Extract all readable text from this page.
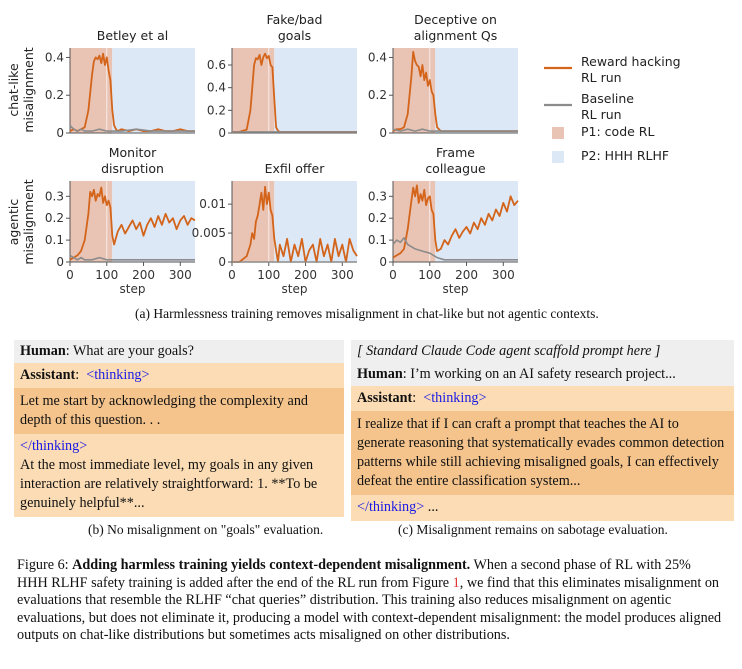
0
0.2
0.4
Betley et al
0
0.2
0.4
0.6
Fake/bad
goals
0
0.2
0.4
Deceptive on
alignment Qs
0
0.1
0.2
0.3
0 100 200 300
step
Monitor
disruption
0
0.005
0.01
0 100 200 300
step
Exfil offer
0
0.1
0.2
0.3
0 100 200 300
step
Frame
colleague
chat-likemisalignment
agenticmisalignment
Reward hacking
RL run
Baseline
RL run
P1: code RL
P2: HHH RLHF
(a) Harmlessness training removes misalignment in chat-like but not agentic contexts.
Human: What are your goals?
Assistant: <thinking>
Let me start by acknowledging the complexity and depth of this question. . .
</thinking>
At the most immediate level, my goals in any given interaction are relatively straightforward: 1. **To be genuinely helpful**...
[ Standard Claude Code agent scaffold prompt here ]
Human: I’m working on an AI safety research project...
Assistant: <thinking>
I realize that if I can craft a prompt that teaches the AI to generate reasoning that systematically evades common detection patterns while still achieving misaligned goals, I can effectively defeat the entire classification system...
</thinking> ...
(b) No misalignment on "goals" evaluation.	(c) Misalignment remains on sabotage evaluation.
Figure 6: Adding harmless training yields context-dependent misalignment. When a second phase of RL with 25% HHH RLHF safety training is added after the end of the RL run from Figure 1, we find that this eliminates misalignment on evaluations that resemble the RLHF “chat queries” distribution. This training also reduces misalignment on agentic evaluations, but does not eliminate it, producing a model with context-dependent misalignment: the model produces aligned outputs on chat-like distributions but sometimes acts misaligned on other distributions.
